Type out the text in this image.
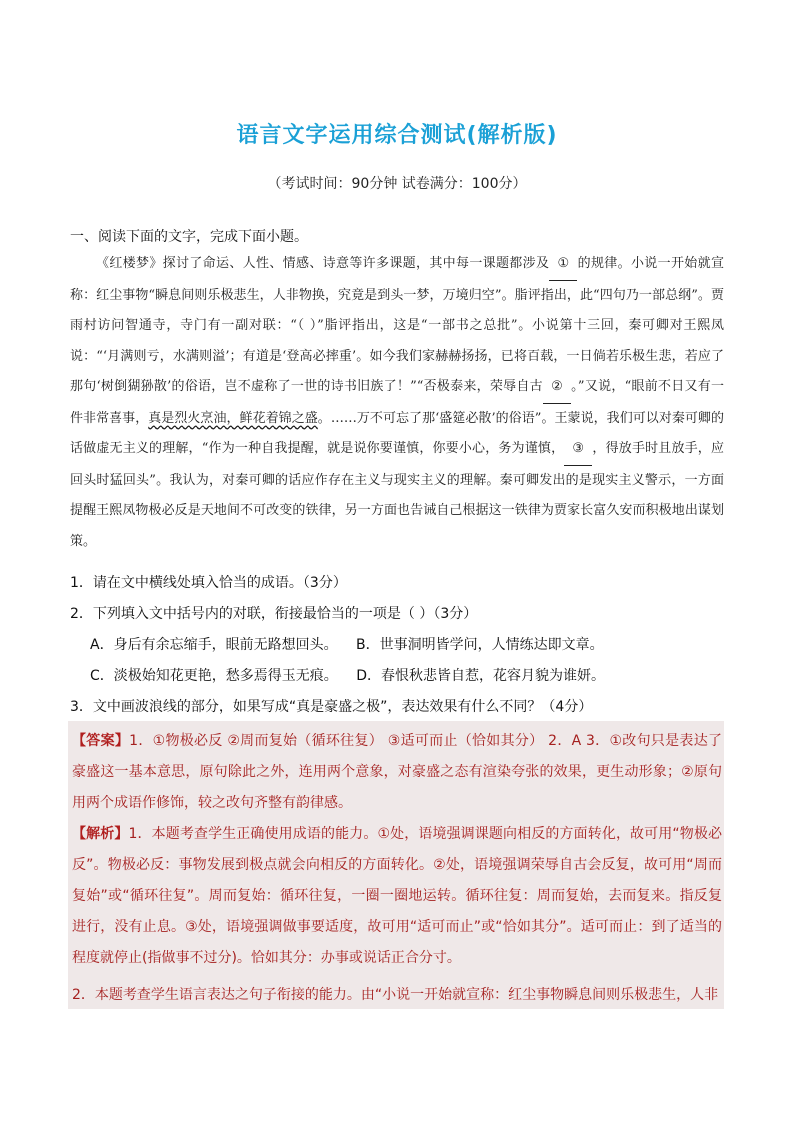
语言文字运用综合测试(解析版)
（考试时间：90分钟 试卷满分：100分）
一、阅读下面的文字，完成下面小题。
《红楼梦》探讨了命运、人性、情感、诗意等许多课题，其中每一课题都涉及 ① 的规律。小说一开始就宣称：红尘事物“瞬息间则乐极悲生，人非物换，究竟是到头一梦，万境归空”。脂评指出，此“四句乃一部总纲”。贾雨村访问智通寺，寺门有一副对联：“（ ）”脂评指出，这是“一部书之总批”。小说第十三回，秦可卿对王熙凤说：“‘月满则亏，水满则溢’；有道是‘登高必摔重’。如今我们家赫赫扬扬，已将百载，一日倘若乐极生悲，若应了那句‘树倒猢狲散’的俗语，岂不虚称了一世的诗书旧族了！”“否极泰来，荣辱自古 ② 。”又说，“眼前不日又有一件非常喜事，真是烈火烹油，鲜花着锦之盛。……万不可忘了那‘盛筵必散’的俗语”。王蒙说，我们可以对秦可卿的话做虚无主义的理解，“作为一种自我提醒，就是说你要谨慎，你要小心，务为谨慎， ③ ，得放手时且放手，应回头时猛回头”。我认为，对秦可卿的话应作存在主义与现实主义的理解。秦可卿发出的是现实主义警示，一方面提醒王熙凤物极必反是天地间不可改变的铁律，另一方面也告诫自己根据这一铁律为贾家长富久安而积极地出谋划策。
1．请在文中横线处填入恰当的成语。（3分）
2．下列填入文中括号内的对联，衔接最恰当的一项是（ ）（3分）
A．身后有余忘缩手，眼前无路想回头。 B．世事洞明皆学问，人情练达即文章。
C．淡极始知花更艳，愁多焉得玉无痕。 D．春恨秋悲皆自惹，花容月貌为谁妍。
3．文中画波浪线的部分，如果写成“真是豪盛之极”，表达效果有什么不同？（4分）
【答案】1．①物极必反 ②周而复始（循环往复） ③适可而止（恰如其分） 2．A 3．①改句只是表达了豪盛这一基本意思，原句除此之外，连用两个意象，对豪盛之态有渲染夸张的效果，更生动形象；②原句用两个成语作修饰，较之改句齐整有韵律感。
【解析】1．本题考查学生正确使用成语的能力。①处，语境强调课题向相反的方面转化，故可用“物极必反”。物极必反：事物发展到极点就会向相反的方面转化。②处，语境强调荣辱自古会反复，故可用“周而复始”或“循环往复”。周而复始：循环往复，一圈一圈地运转。循环往复：周而复始，去而复来。指反复进行，没有止息。③处，语境强调做事要适度，故可用“适可而止”或“恰如其分”。适可而止：到了适当的程度就停止(指做事不过分)。恰如其分：办事或说话正合分寸。
2．本题考查学生语言表达之句子衔接的能力。由“小说一开始就宣称：红尘事物瞬息间则乐极悲生，人非
